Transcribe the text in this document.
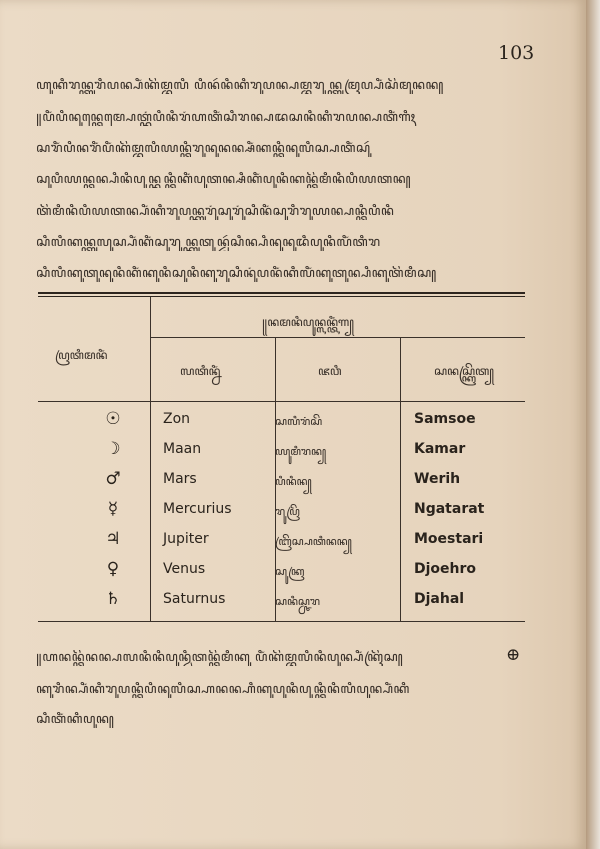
103
ꦲꦸꦏꦶꦫꦤ꧀ꦠꦸꦫꦶꦥꦤ꧀ꦥꦶꦁꦏꦼꦩ꧀ꦧꦭꦶ ꦥꦶꦤꦂꦤꦶꦏꦶꦫꦸꦥꦤ꧀ꦥꦩ꧀ꦧꦫꦸꦤ꧀ꦠꦸꦩꦿꦥ꧀ꦥꦶꦁꦱꦼꦩꦸꦤꦤ꧀
꧋ꦥꦶꦁꦥꦶꦤꦸꦤ꧀ꦠꦺꦩ꧀ꦥꦺꦠ꧀ꦏꦁꦥꦶꦤꦶꦫꦁꦲꦠꦶꦁꦱꦶꦫꦤ꧀ꦥꦢꦱꦤꦶꦏꦶꦫꦥꦤ꧀ꦥꦠꦶꦁꦒꦶꦃ
ꦱꦫꦶꦁꦥꦶꦤꦫꦶꦁꦥꦶꦁꦏꦼꦩ꧀ꦧꦭꦶꦪꦤ꧀ꦠꦶꦫꦸꦤꦸꦤꦤ꧀ꦱꦶꦁꦏꦤ꧀ꦠꦶꦤꦸꦭꦶꦱ꧀ꦥꦠꦶꦁꦱꦸꦂ
ꦱꦸꦥꦶꦪꦤ꧀ꦠꦤ꧀ꦥꦶꦤꦶꦥꦸꦤ꧀ꦏꦤ꧀ꦠꦶꦏꦶꦁꦥꦸꦠꦤ꧀ꦱꦶꦏꦶꦁꦥꦸꦤꦶꦏꦤ꧀ꦠꦼꦩꦶꦤꦶꦥꦶꦪꦠꦤ꧀
ꦠꦼꦩꦶꦤꦶꦥꦶꦪꦠꦤ꧀ꦥꦶꦁꦏꦶꦫꦸꦥꦤ꧀ꦏꦸꦫꦸꦁꦱꦸꦫꦸꦁꦱꦶꦤꦶꦁꦱꦸꦫꦶꦫꦸꦪꦤ꧀ꦥꦤ꧀ꦠꦶꦥꦶꦤꦶ
ꦱꦶꦭꦶꦏꦤ꧀ꦠꦸꦭꦸꦱ꧀ꦥꦶꦁꦏꦶꦁꦱꦸꦫꦸꦤ꧀ꦏꦸꦠꦸꦤ꧀ꦢꦸꦂꦱꦶꦤ꧀ꦥꦶꦤꦸꦤꦸꦢꦶꦥꦸꦤꦶꦭꦶꦁꦠꦶꦫ
ꦱꦶꦭꦶꦏꦸꦠꦸꦤꦸꦤꦶꦏꦶꦁꦏꦸꦤꦶꦱꦸꦤꦶꦏꦸꦫꦸꦱꦶꦤꦸꦁꦥꦤꦶꦁꦏꦶꦭꦶꦁꦏꦸꦠꦸꦤ꧀ꦥꦶꦏꦸꦠꦼꦩꦶꦱ꧀
꧋ꦤꦩꦤꦶꦥꦸꦤ꧀ꦭꦤ꧀ꦠꦶꦁꦒ꧀
ꦥꦿꦠꦶꦩꦤꦶꦁ
ꦭꦠꦶꦤ꧀ꦤꦶꦁ	ꦗꦮꦶ	ꦱꦤꦱ꧀ꦏꦿꦼꦠ꧀
☉	Zon	ꦱꦭꦶꦫꦁꦱꦼ	Samsoe
☽	Maan	ꦪꦸꦩꦶꦫꦤ꧀	Kamar
♂	Mars	ꦥꦶꦤꦶꦤ꧀	Werih
☿	Mercurius	ꦫꦸꦥꦿꦼ	Ngatarat
♃	Jupiter	ꦧꦿꦼꦱ꧀ꦥꦠꦶꦤꦤ꧀	Moestari
♀	Venus	ꦱꦸꦏꦿ	Djoehro
♄	Saturnus	ꦱꦤꦶꦱ꧀ꦕꦫ	Djahal
꧋ꦲꦤꦤ꧀ꦠꦼꦤꦤ꧀ꦥꦭꦤꦶꦤꦶꦥꦸꦤ꧀ꦮꦶꦠꦤ꧀ꦠꦼꦩꦶꦏꦸ ꦥꦶꦁꦏꦼꦩ꧀ꦧꦭꦶꦤꦶꦥꦸꦤ꧀ꦥꦶꦁꦏꦿꦼꦱ꧀	⊕
ꦏꦸꦫꦶꦤ꧀ꦥꦶꦁꦏꦶꦫꦸꦥꦤ꧀ꦠꦶꦥꦶꦤꦸꦭꦶꦱ꧀ꦲꦤꦤ꧀ꦲꦶꦏꦸꦥꦸꦤꦶꦥꦸꦤ꧀ꦠꦶꦤꦶꦭꦶꦥꦸꦤ꧀ꦥꦶꦁꦏꦶ
ꦱꦶꦠꦶꦁꦏꦶꦥꦸꦤ꧀
